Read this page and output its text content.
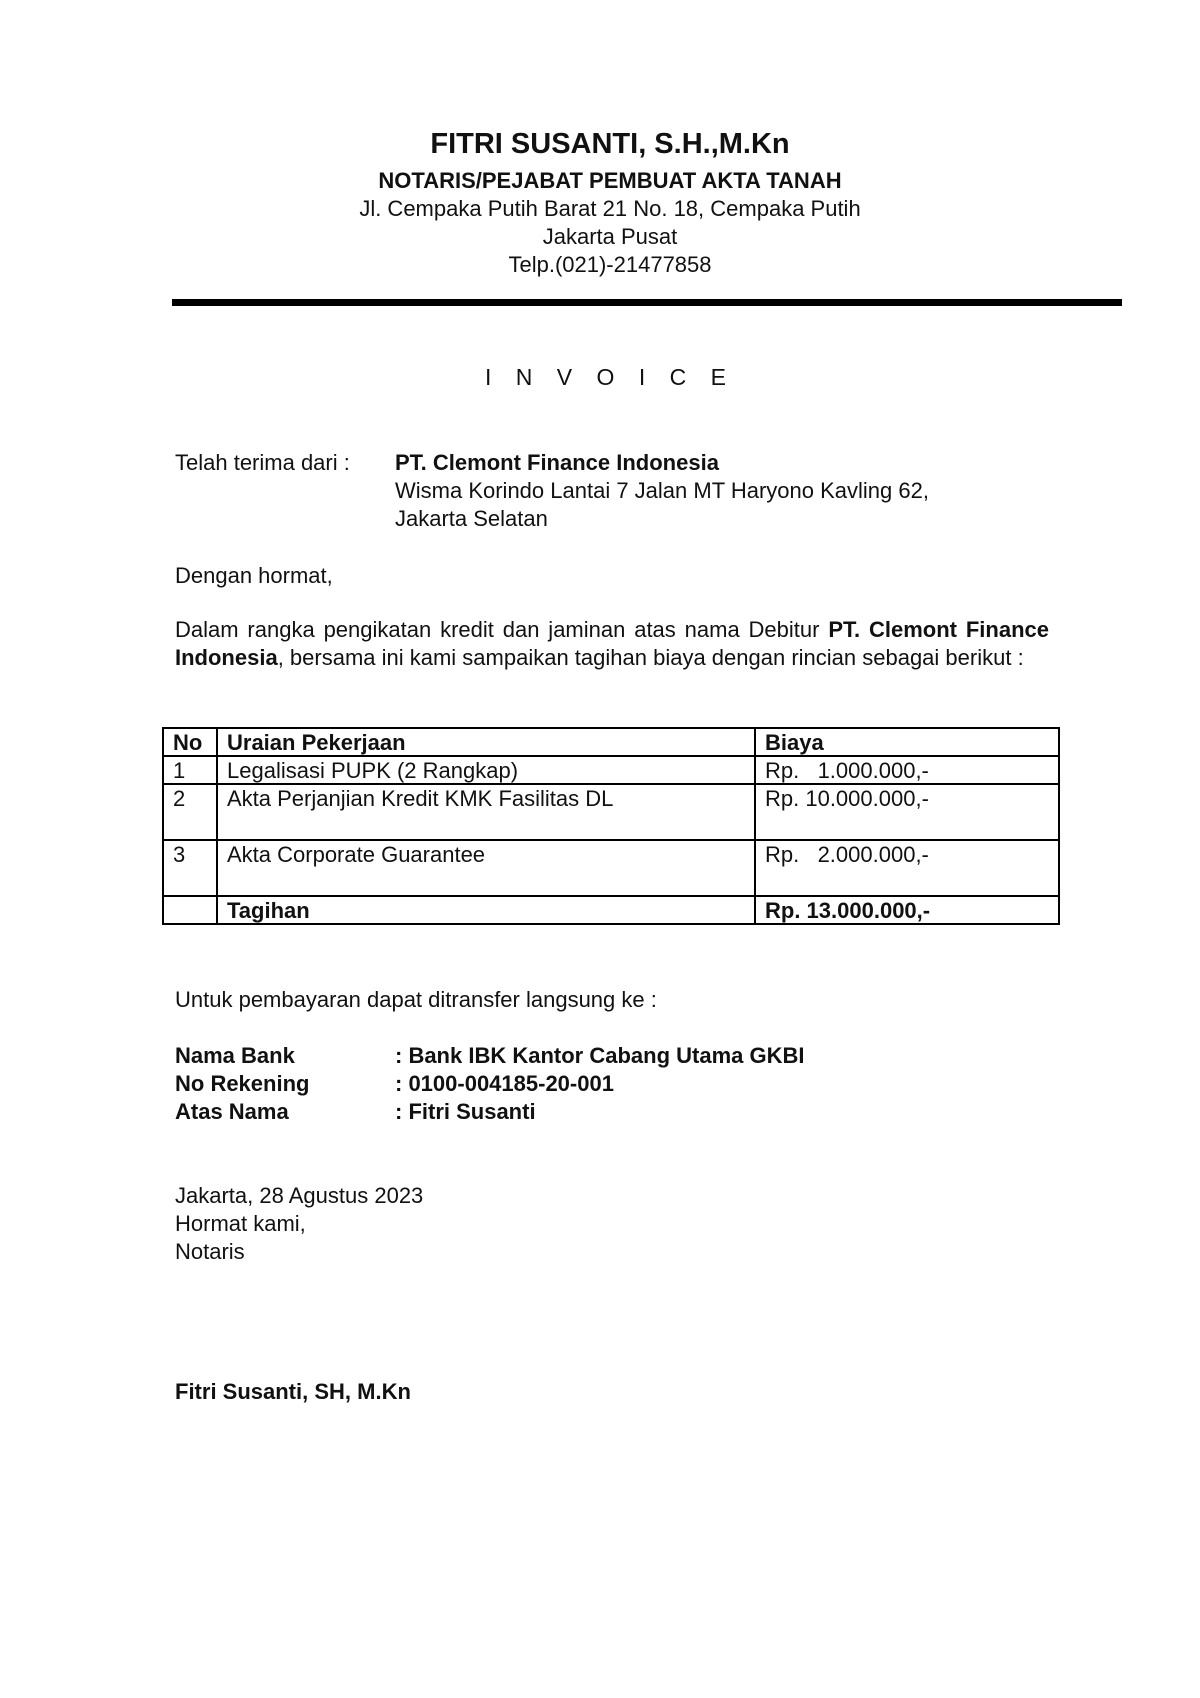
FITRI SUSANTI, S.H.,M.Kn
NOTARIS/PEJABAT PEMBUAT AKTA TANAH
Jl. Cempaka Putih Barat 21 No. 18, Cempaka Putih
Jakarta Pusat
Telp.(021)-21477858
I N V O I C E
Telah terima dari : PT. Clemont Finance Indonesia
Wisma Korindo Lantai 7 Jalan MT Haryono Kavling 62,
Jakarta Selatan
Dengan hormat,
Dalam rangka pengikatan kredit dan jaminan atas nama Debitur PT. Clemont Finance Indonesia, bersama ini kami sampaikan tagihan biaya dengan rincian sebagai berikut :
No	Uraian Pekerjaan	Biaya
1	Legalisasi PUPK (2 Rangkap)	Rp.   1.000.000,-
2	Akta Perjanjian Kredit KMK Fasilitas DL	Rp. 10.000.000,-
3	Akta Corporate Guarantee	Rp.   2.000.000,-
	Tagihan	Rp. 13.000.000,-
Untuk pembayaran dapat ditransfer langsung ke :
Nama Bank	: Bank IBK Kantor Cabang Utama GKBI
No Rekening	: 0100-004185-20-001
Atas Nama	: Fitri Susanti
Jakarta, 28 Agustus 2023
Hormat kami,
Notaris
Fitri Susanti, SH, M.Kn
